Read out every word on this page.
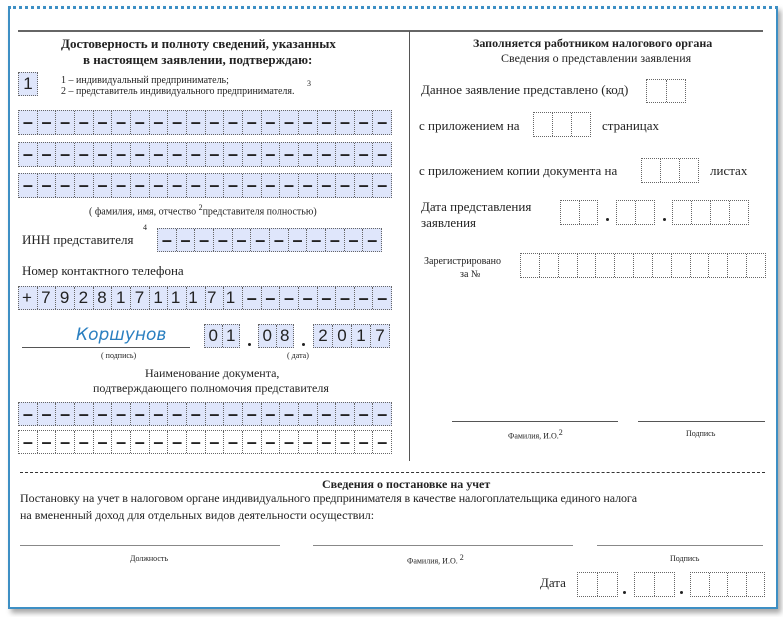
Достоверность и полноту сведений, указанных
в настоящем заявлении, подтверждаю:
1	1 – индивидуальный предприниматель;
2 – представитель индивидуального предпринимателя.
3
– – – – – – – – – – – – – – – – – – – –
– – – – – – – – – – – – – – – – – – – –
– – – – – – – – – – – – – – – – – – – –
( фамилия, имя, отчество $^2$представителя полностью)
ИНН представителя
4
– – – – – – – – – – – –
Номер контактного телефона
– – – – – – – –
+79281711171
Коршунов
( подпись)
0 1 0 8 2 0 1 7
( дата)
Наименование документа,
подтверждающего полномочия представителя
– – – – – – – – – – – – – – – – – – – –
– – – – – – – – – – – – – – – – – – – –
Заполняется работником налогового органа
Сведения о представлении заявления
Данное заявление представлено (код)
с приложением на	страницах
с приложением копии документа на	листах
Дата представления
заявления
Зарегистрировано
за №
Фамилия, И.О.$^2$	Подпись
Сведения о постановке на учет
Постановку на учет в налоговом органе индивидуального предпринимателя в качестве налогоплательщика единого налога
на вмененный доход для отдельных видов деятельности осуществил:
Должность	Фамилия, И.О. $^2$	Подпись
Дата
